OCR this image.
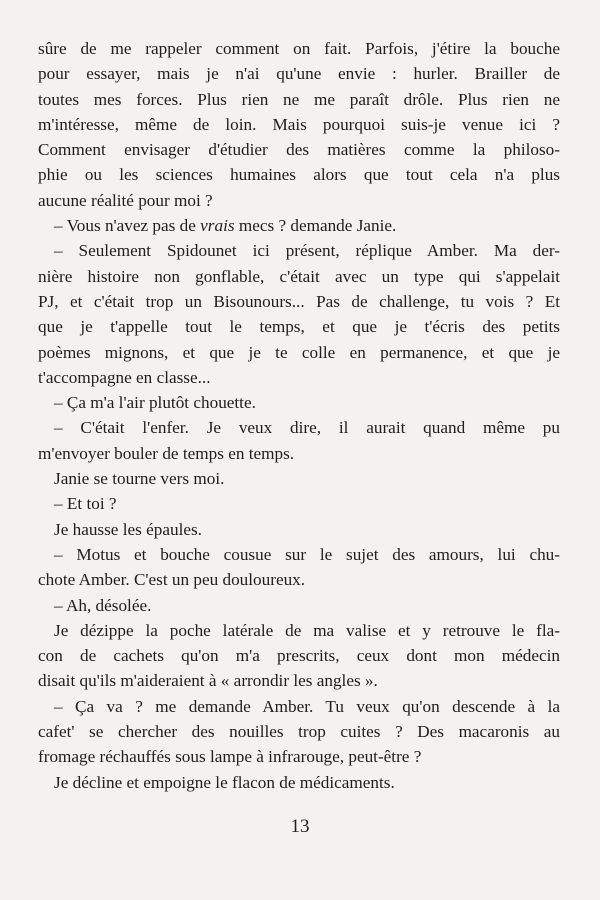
sûre de me rappeler comment on fait. Parfois, j'étire la bouche
pour essayer, mais je n'ai qu'une envie : hurler. Brailler de
toutes mes forces. Plus rien ne me paraît drôle. Plus rien ne
m'intéresse, même de loin. Mais pourquoi suis-je venue ici ?
Comment envisager d'étudier des matières comme la philoso-
phie ou les sciences humaines alors que tout cela n'a plus
aucune réalité pour moi ?
– Vous n'avez pas de vrais mecs ? demande Janie.
– Seulement Spidounet ici présent, réplique Amber. Ma der-
nière histoire non gonflable, c'était avec un type qui s'appelait
PJ, et c'était trop un Bisounours... Pas de challenge, tu vois ? Et
que je t'appelle tout le temps, et que je t'écris des petits
poèmes mignons, et que je te colle en permanence, et que je
t'accompagne en classe...
– Ça m'a l'air plutôt chouette.
– C'était l'enfer. Je veux dire, il aurait quand même pu
m'envoyer bouler de temps en temps.
Janie se tourne vers moi.
– Et toi ?
Je hausse les épaules.
– Motus et bouche cousue sur le sujet des amours, lui chu-
chote Amber. C'est un peu douloureux.
– Ah, désolée.
Je dézippe la poche latérale de ma valise et y retrouve le fla-
con de cachets qu'on m'a prescrits, ceux dont mon médecin
disait qu'ils m'aideraient à « arrondir les angles ».
– Ça va ? me demande Amber. Tu veux qu'on descende à la
cafet' se chercher des nouilles trop cuites ? Des macaronis au
fromage réchauffés sous lampe à infrarouge, peut-être ?
Je décline et empoigne le flacon de médicaments.
13
